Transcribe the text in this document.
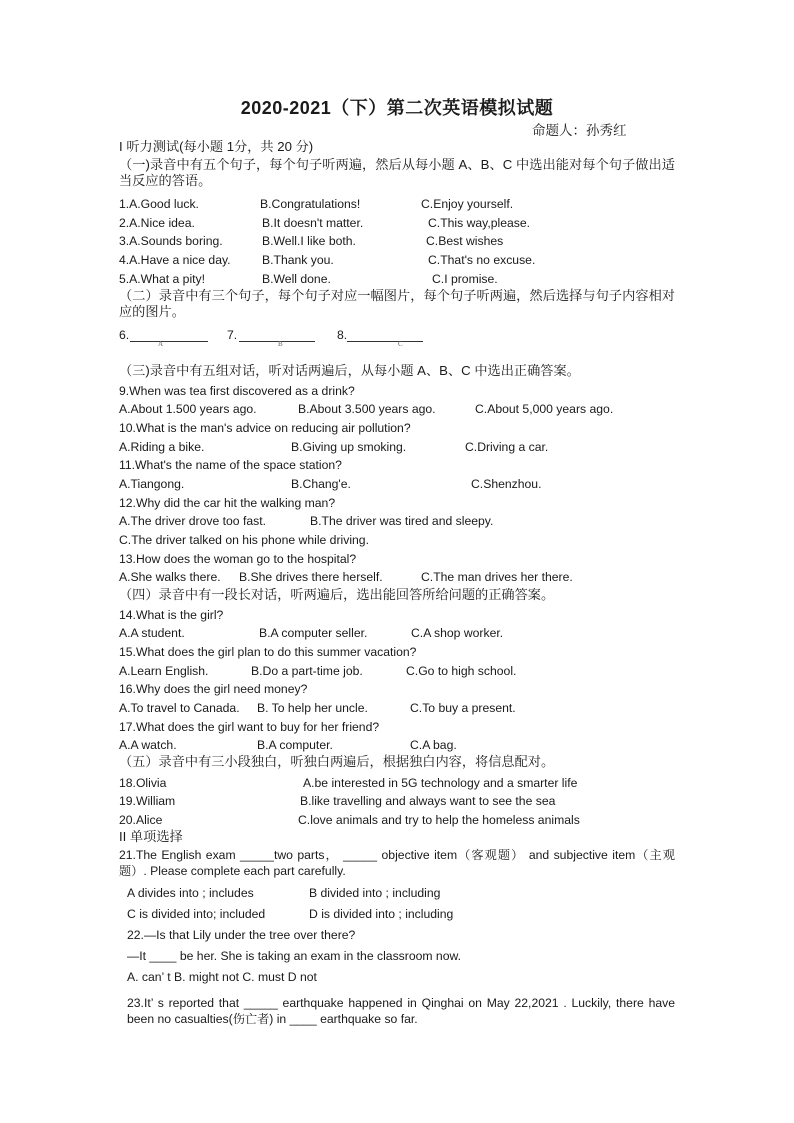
2020-2021（下）第二次英语模拟试题
命题人：孙秀红
I 听力测试(每小题 1分，共 20 分)
（一)录音中有五个句子，每个句子听两遍，然后从每小题 A、B、C 中选出能对每个句子做出适当反应的答语。
1.A.Good luck.	B.Congratulations!	C.Enjoy yourself.
2.A.Nice idea.	B.It doesn't matter.	C.This way,please.
3.A.Sounds boring.	B.Well.I like both.	C.Best wishes
4.A.Have a nice day.	B.Thank you.	C.That's no excuse.
5.A.What a pity!	B.Well done.	C.I promise.
（二）录音中有三个句子，每个句子对应一幅图片，每个句子听两遍，然后选择与句子内容相对应的图片。
6.	7.	8.
A	B	C
（三)录音中有五组对话，听对话两遍后，从每小题 A、B、C 中选出正确答案。
9.When was tea first discovered as a drink?
A.About 1.500 years ago.	B.About 3.500 years ago.	C.About 5,000 years ago.
10.What is the man's advice on reducing air pollution?
A.Riding a bike.	B.Giving up smoking.	C.Driving a car.
11.What's the name of the space station?
A.Tiangong.	B.Chang'e.	C.Shenzhou.
12.Why did the car hit the walking man?
A.The driver drove too fast.	B.The driver was tired and sleepy.
C.The driver talked on his phone while driving.
13.How does the woman go to the hospital?
A.She walks there. B.She drives there herself.	C.The man drives her there.
（四）录音中有一段长对话，听两遍后，选出能回答所给问题的正确答案。
14.What is the girl?
A.A student.	B.A computer seller.	C.A shop worker.
15.What does the girl plan to do this summer vacation?
A.Learn English.	B.Do a part-time job.	C.Go to high school.
16.Why does the girl need money?
A.To travel to Canada. B. To help her uncle.	C.To buy a present.
17.What does the girl want to buy for her friend?
A.A watch.	B.A computer.	C.A bag.
（五）录音中有三小段独白，听独白两遍后，根据独白内容，将信息配对。
18.Olivia	A.be interested in 5G technology and a smarter life
19.William	B.like travelling and always want to see the sea
20.Alice	C.love animals and try to help the homeless animals
II 单项选择
21.The English exam _____two parts， _____ objective item（客观题） and subjective item（主观题）. Please complete each part carefully.
A divides into ; includes	B divided into ; including
C is divided into; included	D is divided into ; including
22.—Is that Lily under the tree over there?
—It ____ be her. She is taking an exam in the classroom now.
A. can’ t B. might not C. must D not
23.It’ s reported that _____ earthquake happened in Qinghai on May 22,2021 . Luckily, there have been no casualties(伤亡者) in ____ earthquake so far.
